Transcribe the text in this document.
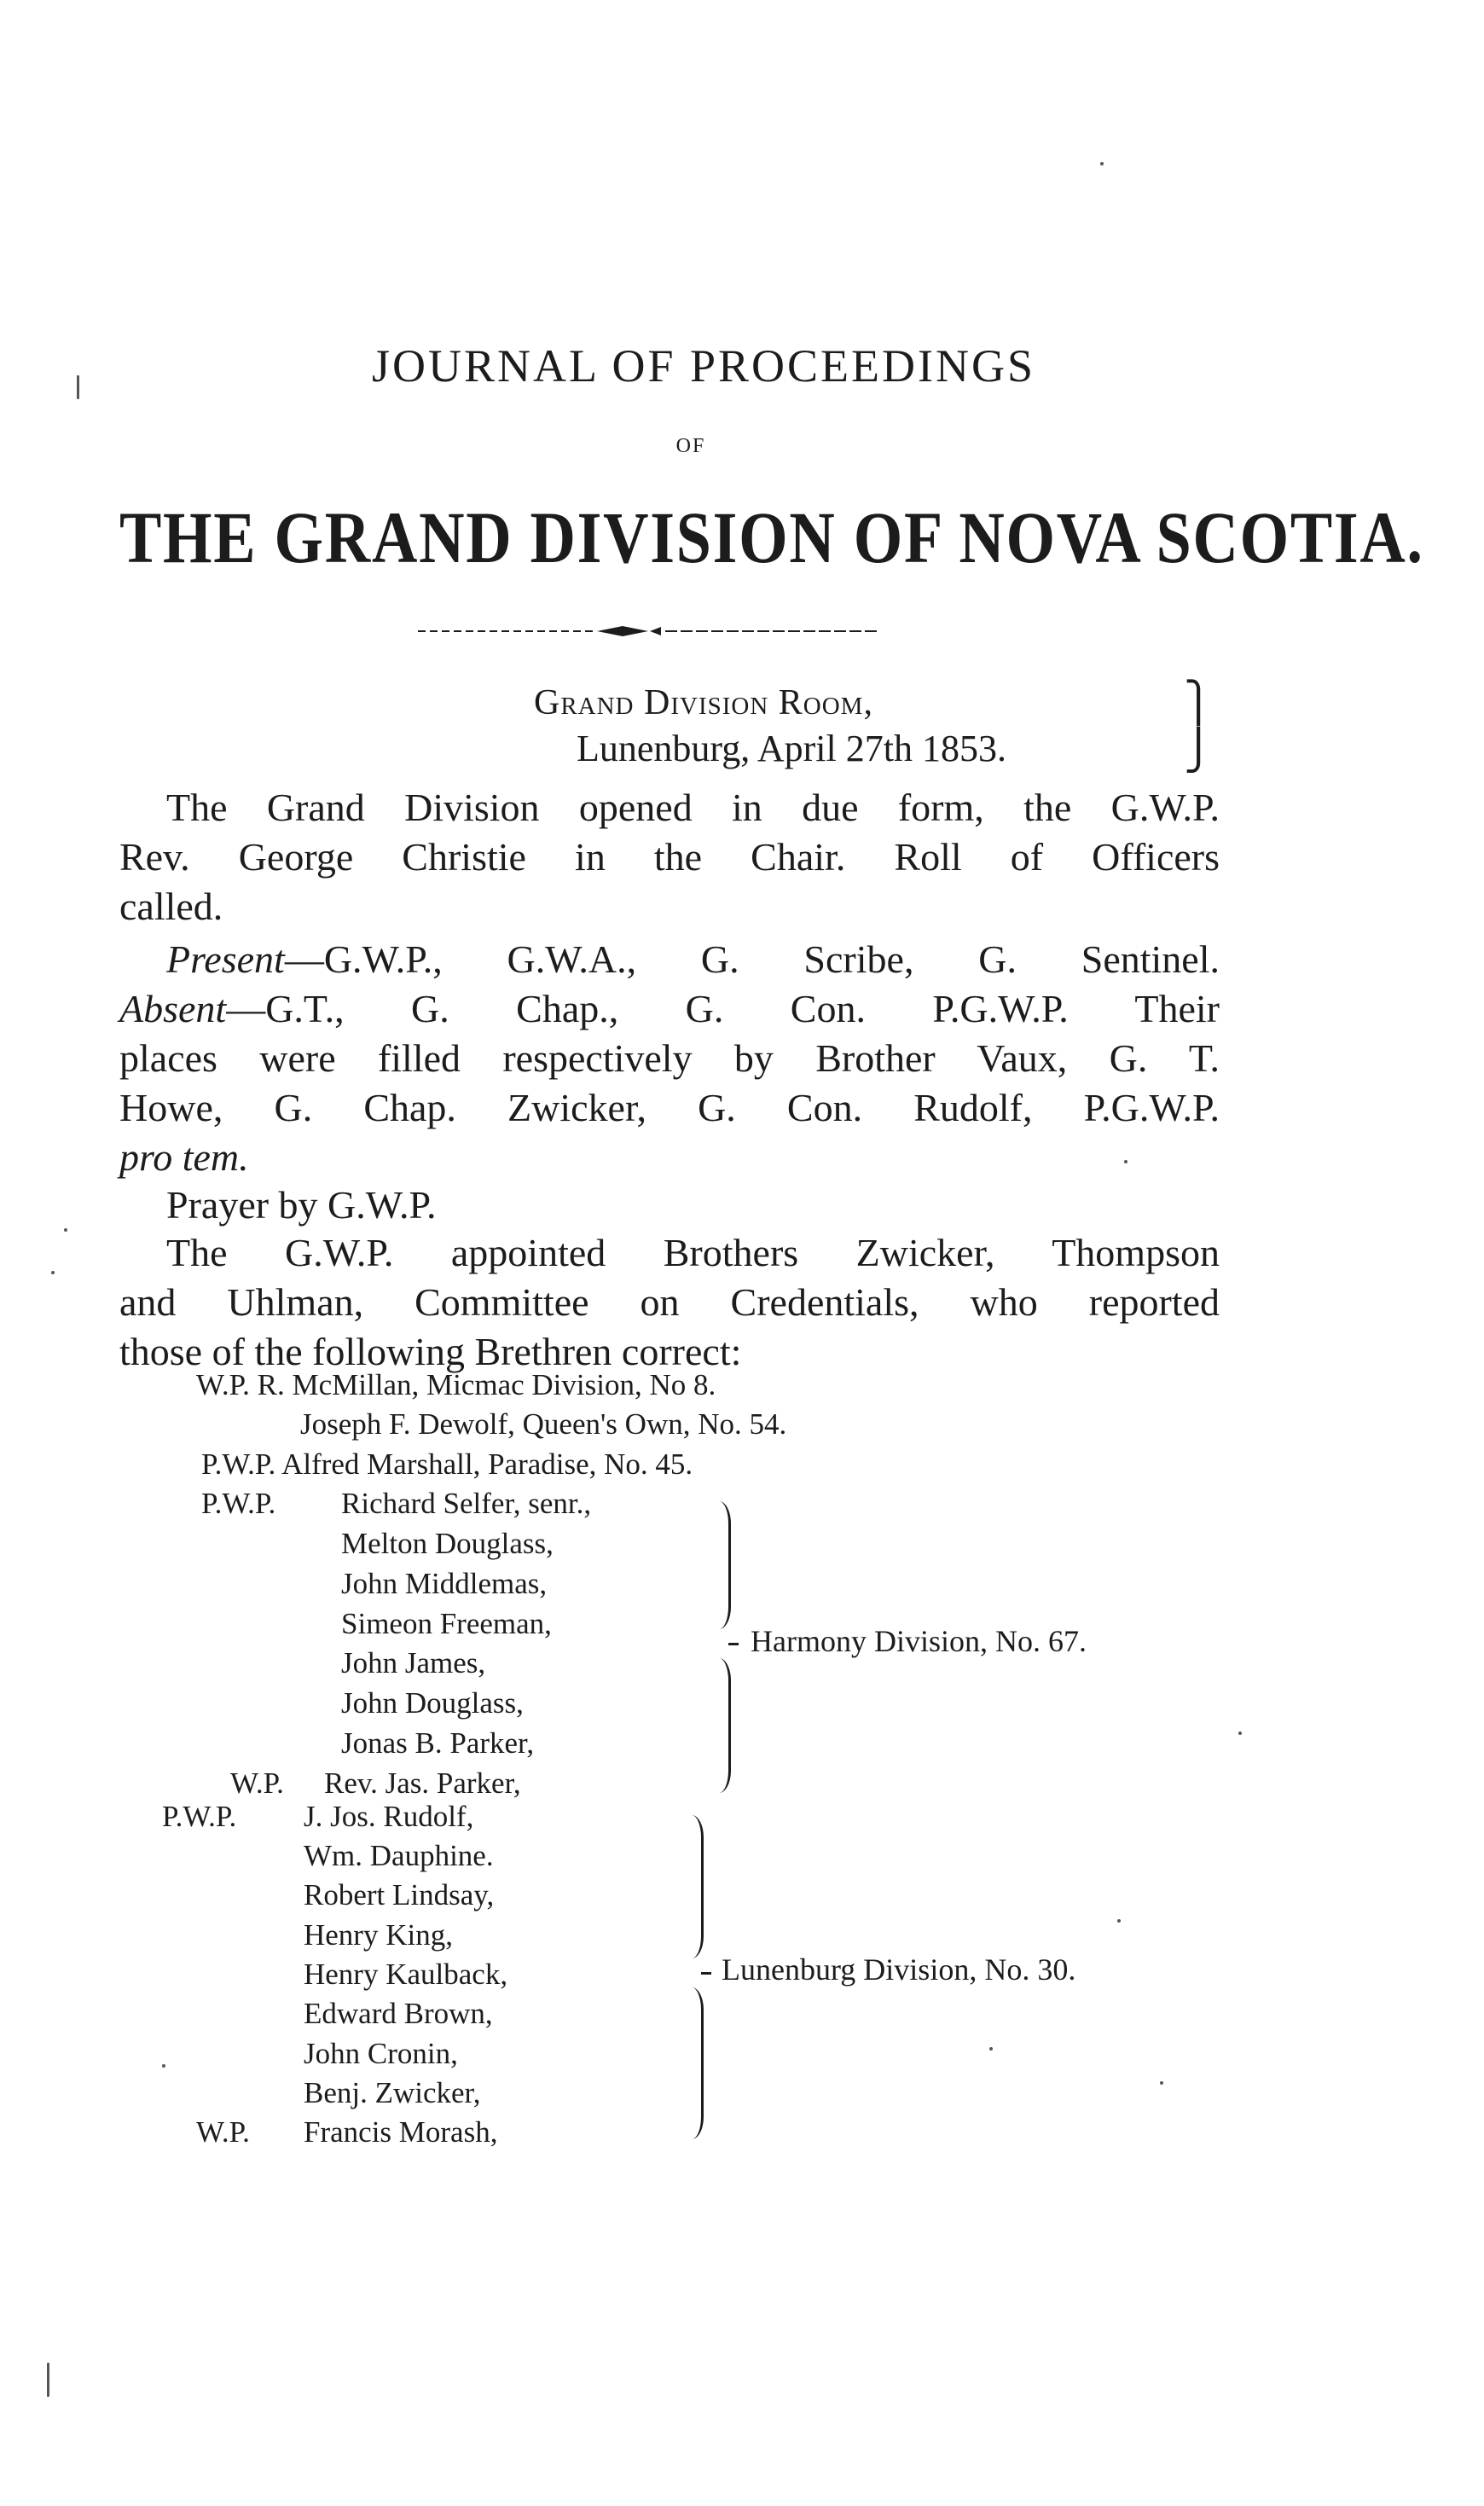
JOURNAL OF PROCEEDINGS
OF
THE GRAND DIVISION OF NOVA SCOTIA.
Grand Division Room,	⎫
Lunenburg, April 27th 1853.	⎭
The Grand Division opened in due form, the G.W.P.
Rev. George Christie in the Chair. Roll of Officers
called.
Present—G.W.P., G.W.A., G. Scribe, G. Sentinel.
Absent—G.T., G. Chap., G. Con. P.G.W.P. Their
places were filled respectively by Brother Vaux, G. T.
Howe, G. Chap. Zwicker, G. Con. Rudolf, P.G.W.P.
pro tem.
Prayer by G.W.P.
The G.W.P. appointed Brothers Zwicker, Thompson
and Uhlman, Committee on Credentials, who reported
those of the following Brethren correct:
W.P. R. McMillan, Micmac Division, No 8.
Joseph F. Dewolf, Queen's Own, No. 54.
P.W.P. Alfred Marshall, Paradise, No. 45.
P.W.P. Richard Selfer, senr.,
Melton Douglass,
John Middlemas,
Simeon Freeman,
John James,
John Douglass,
Jonas B. Parker,
W.P. Rev. Jas. Parker,
Harmony Division, No. 67.
P.W.P. J. Jos. Rudolf,
Wm. Dauphine.
Robert Lindsay,
Henry King,
Henry Kaulback,
Edward Brown,
John Cronin,
Benj. Zwicker,
W.P. Francis Morash,
Lunenburg Division, No. 30.
